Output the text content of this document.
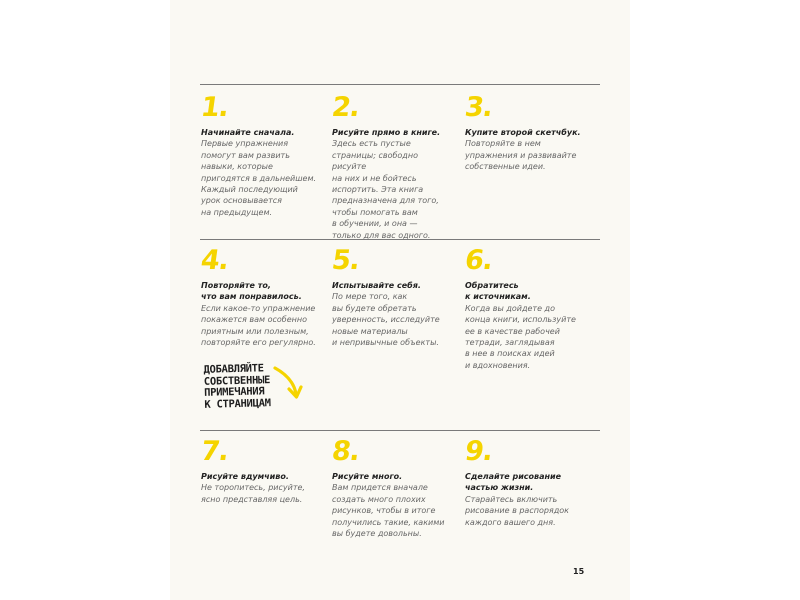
1.
Начинайте сначала.
Первые упражнения
помогут вам развить
навыки, которые
пригодятся в дальнейшем.
Каждый последующий
урок основывается
на предыдущем.
2.
Рисуйте прямо в книге.
Здесь есть пустые
страницы; свободно рисуйте
на них и не бойтесь
испортить. Эта книга
предназначена для того,
чтобы помогать вам
в обучении, и она —
только для вас одного.
3.
Купите второй скетчбук.
Повторяйте в нем
упражнения и развивайте
собственные идеи.
4.
Повторяйте то,
что вам понравилось.
Если какое-то упражнение
покажется вам особенно
приятным или полезным,
повторяйте его регулярно.
5.
Испытывайте себя.
По мере того, как
вы будете обретать
уверенность, исследуйте
новые материалы
и непривычные объекты.
6.
Обратитесь
к источникам.
Когда вы дойдете до
конца книги, используйте
ее в качестве рабочей
тетради, заглядывая
в нее в поисках идей
и вдохновения.
ДОБАВЛЯЙТЕ
СОБСТВЕННЫЕ
ПРИМЕЧАНИЯ
К СТРАНИЦАМ
7.
Рисуйте вдумчиво.
Не торопитесь, рисуйте,
ясно представляя цель.
8.
Рисуйте много.
Вам придется вначале
создать много плохих
рисунков, чтобы в итоге
получились такие, какими
вы будете довольны.
9.
Сделайте рисование
частью жизни.
Старайтесь включить
рисование в распорядок
каждого вашего дня.
15
